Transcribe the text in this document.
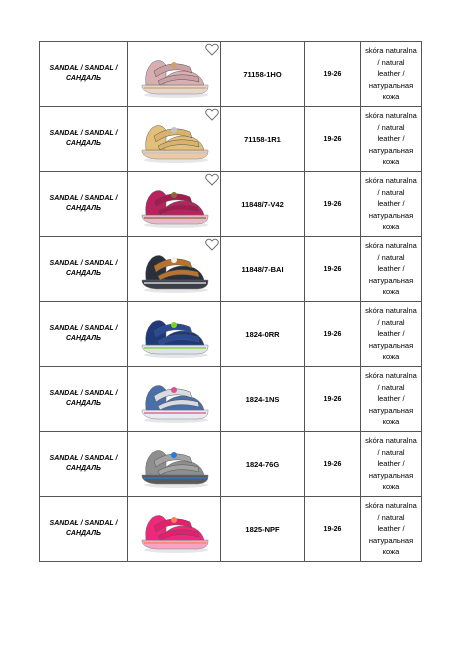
SANDAŁ / SANDAL / САНДАЛЬ		71158-1HO	19-26	skóra naturalna
/ natural
leather /
натуральная
кожа
SANDAŁ / SANDAL / САНДАЛЬ		71158-1R1	19-26	skóra naturalna
/ natural
leather /
натуральная
кожа
SANDAŁ / SANDAL / САНДАЛЬ		11848/7-V42	19-26	skóra naturalna
/ natural
leather /
натуральная
кожа
SANDAŁ / SANDAL / САНДАЛЬ		11848/7-BAI	19-26	skóra naturalna
/ natural
leather /
натуральная
кожа
SANDAŁ / SANDAL / САНДАЛЬ		1824-0RR	19-26	skóra naturalna
/ natural
leather /
натуральная
кожа
SANDAŁ / SANDAL / САНДАЛЬ		1824-1NS	19-26	skóra naturalna
/ natural
leather /
натуральная
кожа
SANDAŁ / SANDAL / САНДАЛЬ		1824-76G	19-26	skóra naturalna
/ natural
leather /
натуральная
кожа
SANDAŁ / SANDAL / САНДАЛЬ		1825-NPF	19-26	skóra naturalna
/ natural
leather /
натуральная
кожа
